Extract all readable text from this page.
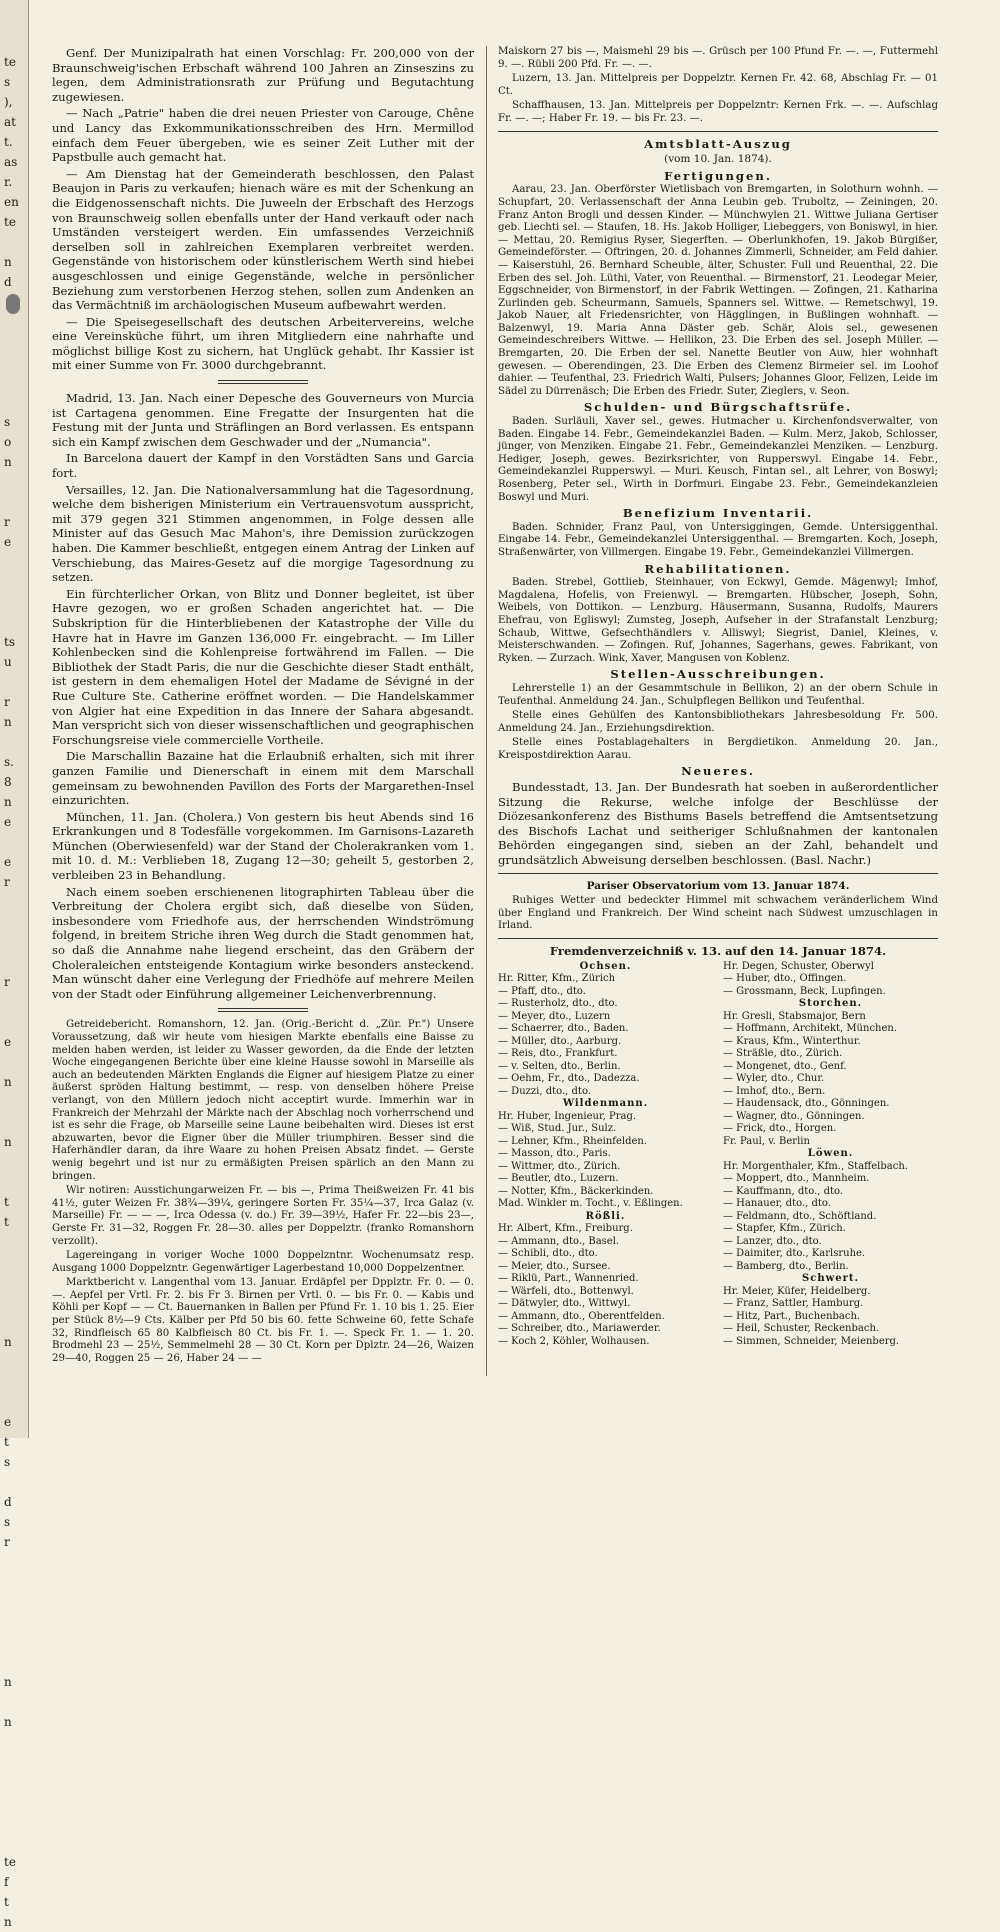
te
s
),
at
t.
as
r.
en
te

n
d

s
o
n

r
e

ts
u

r
n

s.
8
n
e

e
r

r

e

n

n

t
t

n

e
t
s

d
s
r

n

n

te
f
t
n

Genf. Der Munizipalrath hat einen Vorschlag: Fr. 200,000 von der Braunschweig'ischen Erbschaft während 100 Jahren an Zinseszins zu legen, dem Administrationsrath zur Prüfung und Begutachtung zugewiesen.

— Nach „Patrie" haben die drei neuen Priester von Carouge, Chêne und Lancy das Exkommunikationsschreiben des Hrn. Mermillod einfach dem Feuer übergeben, wie es seiner Zeit Luther mit der Papstbulle auch gemacht hat.

— Am Dienstag hat der Gemeinderath beschlossen, den Palast Beaujon in Paris zu verkaufen; hienach wäre es mit der Schenkung an die Eidgenossenschaft nichts. Die Juweeln der Erbschaft des Herzogs von Braunschweig sollen ebenfalls unter der Hand verkauft oder nach Umständen versteigert werden. Ein umfassendes Verzeichniß derselben soll in zahlreichen Exemplaren verbreitet werden. Gegenstände von historischem oder künstlerischem Werth sind hiebei ausgeschlossen und einige Gegenstände, welche in persönlicher Beziehung zum verstorbenen Herzog stehen, sollen zum Andenken an das Vermächtniß im archäologischen Museum aufbewahrt werden.

— Die Speisegesellschaft des deutschen Arbeitervereins, welche eine Vereinsküche führt, um ihren Mitgliedern eine nahrhafte und möglichst billige Kost zu sichern, hat Unglück gehabt. Ihr Kassier ist mit einer Summe von Fr. 3000 durchgebrannt.

Madrid, 13. Jan. Nach einer Depesche des Gouverneurs von Murcia ist Cartagena genommen. Eine Fregatte der Insurgenten hat die Festung mit der Junta und Sträflingen an Bord verlassen. Es entspann sich ein Kampf zwischen dem Geschwader und der „Numancia".

In Barcelona dauert der Kampf in den Vorstädten Sans und Garcia fort.

Versailles, 12. Jan. Die Nationalversammlung hat die Tagesordnung, welche dem bisherigen Ministerium ein Vertrauensvotum ausspricht, mit 379 gegen 321 Stimmen angenommen, in Folge dessen alle Minister auf das Gesuch Mac Mahon's, ihre Demission zurückzogen haben. Die Kammer beschließt, entgegen einem Antrag der Linken auf Verschiebung, das Maires-Gesetz auf die morgige Tagesordnung zu setzen.

Ein fürchterlicher Orkan, von Blitz und Donner begleitet, ist über Havre gezogen, wo er großen Schaden angerichtet hat. — Die Subskription für die Hinterbliebenen der Katastrophe der Ville du Havre hat in Havre im Ganzen 136,000 Fr. eingebracht. — Im Liller Kohlenbecken sind die Kohlenpreise fortwährend im Fallen. — Die Bibliothek der Stadt Paris, die nur die Geschichte dieser Stadt enthält, ist gestern in dem ehemaligen Hotel der Madame de Sévigné in der Rue Culture Ste. Catherine eröffnet worden. — Die Handelskammer von Algier hat eine Expedition in das Innere der Sahara abgesandt. Man verspricht sich von dieser wissenschaftlichen und geographischen Forschungsreise viele commercielle Vortheile.

Die Marschallin Bazaine hat die Erlaubniß erhalten, sich mit ihrer ganzen Familie und Dienerschaft in einem mit dem Marschall gemeinsam zu bewohnenden Pavillon des Forts der Margarethen-Insel einzurichten.

München, 11. Jan. (Cholera.) Von gestern bis heut Abends sind 16 Erkrankungen und 8 Todesfälle vorgekommen. Im Garnisons-Lazareth München (Oberwiesenfeld) war der Stand der Cholerakranken vom 1. mit 10. d. M.: Verblieben 18, Zugang 12—30; geheilt 5, gestorben 2, verbleiben 23 in Behandlung.

Nach einem soeben erschienenen litographirten Tableau über die Verbreitung der Cholera ergibt sich, daß dieselbe von Süden, insbesondere vom Friedhofe aus, der herrschenden Windströmung folgend, in breitem Striche ihren Weg durch die Stadt genommen hat, so daß die Annahme nahe liegend erscheint, das den Gräbern der Choleraleichen entsteigende Kontagium wirke besonders ansteckend. Man wünscht daher eine Verlegung der Friedhöfe auf mehrere Meilen von der Stadt oder Einführung allgemeiner Leichenverbrennung.

Getreidebericht. Romanshorn, 12. Jan. (Orig.-Bericht d. „Zür. Pr.") Unsere Voraussetzung, daß wir heute vom hiesigen Markte ebenfalls eine Baisse zu melden haben werden, ist leider zu Wasser geworden, da die Ende der letzten Woche eingegangenen Berichte über eine kleine Hausse sowohl in Marseille als auch an bedeutenden Märkten Englands die Eigner auf hiesigem Platze zu einer äußerst spröden Haltung bestimmt, — resp. von denselben höhere Preise verlangt, von den Müllern jedoch nicht acceptirt wurde. Immerhin war in Frankreich der Mehrzahl der Märkte nach der Abschlag noch vorherrschend und ist es sehr die Frage, ob Marseille seine Laune beibehalten wird. Dieses ist erst abzuwarten, bevor die Eigner über die Müller triumphiren. Besser sind die Haferhändler daran, da ihre Waare zu hohen Preisen Absatz findet. — Gerste wenig begehrt und ist nur zu ermäßigten Preisen spärlich an den Mann zu bringen.

Wir notiren: Ausstichungarweizen Fr. — bis —, Prima Theißweizen Fr. 41 bis 41½, guter Weizen Fr. 38¾—39¼, geringere Sorten Fr. 35¼—37, Irca Galaz (v. Marseille) Fr. — — —, Irca Odessa (v. do.) Fr. 39—39½, Hafer Fr. 22—bis 23—, Gerste Fr. 31—32, Roggen Fr. 28—30. alles per Doppelztr. (franko Romanshorn verzollt).

Lagereingang in voriger Woche 1000 Doppelzntnr. Wochenumsatz resp. Ausgang 1000 Doppelzntr. Gegenwärtiger Lagerbestand 10,000 Doppelzentner.

Marktbericht v. Langenthal vom 13. Januar. Erdäpfel per Dpplztr. Fr. 0. — 0. —. Aepfel per Vrtl. Fr. 2. bis Fr 3. Birnen per Vrtl. 0. — bis Fr. 0. — Kabis und Köhli per Kopf — — Ct. Bauernanken in Ballen per Pfund Fr. 1. 10 bis 1. 25. Eier per Stück 8½—9 Cts. Kälber per Pfd 50 bis 60. fette Schweine 60, fette Schafe 32, Rindfleisch 65 80 Kalbfleisch 80 Ct. bis Fr. 1. —. Speck Fr. 1. — 1. 20. Brodmehl 23 — 25½, Semmelmehl 28 — 30 Ct. Korn per Dplztr. 24—26, Waizen 29—40, Roggen 25 — 26, Haber 24 — —

Maiskorn 27 bis —, Maismehl 29 bis —. Grüsch per 100 Pfund Fr. —. —, Futtermehl 9. —. Rübli 200 Pfd. Fr. —. —.

Luzern, 13. Jan. Mittelpreis per Doppelztr. Kernen Fr. 42. 68, Abschlag Fr. — 01 Ct.

Schaffhausen, 13. Jan. Mittelpreis per Doppelzntr: Kernen Frk. —. —. Aufschlag Fr. —. —; Haber Fr. 19. — bis Fr. 23. —.

Amtsblatt-Auszug
(vom 10. Jan. 1874).
Fertigungen.

Aarau, 23. Jan. Oberförster Wietlisbach von Bremgarten, in Solothurn wohnh. — Schupfart, 20. Verlassenschaft der Anna Leubin geb. Truboltz, — Zeiningen, 20. Franz Anton Brogli und dessen Kinder. — Münchwylen 21. Wittwe Juliana Gertiser geb. Liechti sel. — Staufen, 18. Hs. Jakob Holliger, Liebeggers, von Boniswyl, in hier. — Mettau, 20. Remigius Ryser, Siegerften. — Oberlunkhofen, 19. Jakob Bürgißer, Gemeindeförster. — Oftringen, 20. d. Johannes Zimmerli, Schneider, am Feld dahier. — Kaiserstuhl, 26. Bernhard Scheuble, älter, Schuster. Full und Reuenthal, 22. Die Erben des sel. Joh. Lüthi, Vater, von Reuenthal. — Birmenstorf, 21. Leodegar Meier, Eggschneider, von Birmenstorf, in der Fabrik Wettingen. — Zofingen, 21. Katharina Zurlinden geb. Scheurmann, Samuels, Spanners sel. Wittwe. — Remetschwyl, 19. Jakob Nauer, alt Friedensrichter, von Hägglingen, in Bußlingen wohnhaft. — Balzenwyl, 19. Maria Anna Däster geb. Schär, Alois sel., gewesenen Gemeindeschreibers Wittwe. — Hellikon, 23. Die Erben des sel. Joseph Müller. — Bremgarten, 20. Die Erben der sel. Nanette Beutler von Auw, hier wohnhaft gewesen. — Oberendingen, 23. Die Erben des Clemenz Birmeier sel. im Loohof dahier. — Teufenthal, 23. Friedrich Walti, Pulsers; Johannes Gloor, Felizen, Leide im Sädel zu Dürrenäsch; Die Erben des Friedr. Suter, Zieglers, v. Seon.

Schulden- und Bürgschaftsrüfe.

Baden. Surläuli, Xaver sel., gewes. Hutmacher u. Kirchenfondsverwalter, von Baden. Eingabe 14. Febr., Gemeindekanzlei Baden. — Kulm. Merz, Jakob, Schlosser, jünger, von Menziken. Eingabe 21. Febr., Gemeindekanzlei Menziken. — Lenzburg. Hediger, Joseph, gewes. Bezirksrichter, von Rupperswyl. Eingabe 14. Febr., Gemeindekanzlei Rupperswyl. — Muri. Keusch, Fintan sel., alt Lehrer, von Boswyl; Rosenberg, Peter sel., Wirth in Dorfmuri. Eingabe 23. Febr., Gemeindekanzleien Boswyl und Muri.

Benefizium Inventarii.

Baden. Schnider, Franz Paul, von Untersiggingen, Gemde. Untersiggenthal. Eingabe 14. Febr., Gemeindekanzlei Untersiggenthal. — Bremgarten. Koch, Joseph, Straßenwärter, von Villmergen. Eingabe 19. Febr., Gemeindekanzlei Villmergen.

Rehabilitationen.

Baden. Strebel, Gottlieb, Steinhauer, von Eckwyl, Gemde. Mägenwyl; Imhof, Magdalena, Hofelis, von Freienwyl. — Bremgarten. Hübscher, Joseph, Sohn, Weibels, von Dottikon. — Lenzburg. Häusermann, Susanna, Rudolfs, Maurers Ehefrau, von Egliswyl; Zumsteg, Joseph, Aufseher in der Strafanstalt Lenzburg; Schaub, Wittwe, Gefsechthändlers v. Alliswyl; Siegrist, Daniel, Kleines, v. Meisterschwanden. — Zofingen. Ruf, Johannes, Sagerhans, gewes. Fabrikant, von Ryken. — Zurzach. Wink, Xaver, Mangusen von Koblenz.

Stellen-Ausschreibungen.

Lehrerstelle 1) an der Gesammtschule in Bellikon, 2) an der obern Schule in Teufenthal. Anmeldung 24. Jan., Schulpflegen Bellikon und Teufenthal.

Stelle eines Gehülfen des Kantonsbibliothekars Jahresbesoldung Fr. 500. Anmeldung 24. Jan., Erziehungsdirektion.

Stelle eines Postablagehalters in Bergdietikon. Anmeldung 20. Jan., Kreispostdirektion Aarau.

Neueres.

Bundesstadt, 13. Jan. Der Bundesrath hat soeben in außerordentlicher Sitzung die Rekurse, welche infolge der Beschlüsse der Diözesankonferenz des Bisthums Basels betreffend die Amtsentsetzung des Bischofs Lachat und seitheriger Schlußnahmen der kantonalen Behörden eingegangen sind, sieben an der Zahl, behandelt und grundsätzlich Abweisung derselben beschlossen. (Basl. Nachr.)

Pariser Observatorium vom 13. Januar 1874.

Ruhiges Wetter und bedeckter Himmel mit schwachem veränderlichem Wind über England und Frankreich. Der Wind scheint nach Südwest umzuschlagen in Irland.

Fremdenverzeichniß v. 13. auf den 14. Januar 1874.
Ochsen.
Hr. Ritter, Kfm., Zürich
— Pfaff, dto., dto.
— Rusterholz, dto., dto.
— Meyer, dto., Luzern
— Schaerrer, dto., Baden.
— Müller, dto., Aarburg.
— Reis, dto., Frankfurt.
— v. Selten, dto., Berlin.
— Oehm, Fr., dto., Dadezza.
— Duzzi, dto., dto.
Wildenmann.
Hr. Huber, Ingenieur, Prag.
— Wiß, Stud. Jur., Sulz.
— Lehner, Kfm., Rheinfelden.
— Masson, dto., Paris.
— Wittmer, dto., Zürich.
— Beutler, dto., Luzern.
— Notter, Kfm., Bäckerkinden.
Mad. Winkler m. Tocht., v. Eßlingen.
Rößli.
Hr. Albert, Kfm., Freiburg.
— Ammann, dto., Basel.
— Schibli, dto., dto.
— Meier, dto., Sursee.
— Riklü, Part., Wannenried.
— Wärfeli, dto., Bottenwyl.
— Dätwyler, dto., Wittwyl.
— Ammann, dto., Oberentfelden.
— Schreiber, dto., Mariawerder.
— Koch 2, Köhler, Wolhausen.
Hr. Degen, Schuster, Oberwyl
— Huber, dto., Offingen.
— Grossmann, Beck, Lupfingen.
Storchen.
Hr. Gresli, Stabsmajor, Bern
— Hoffmann, Architekt, München.
— Kraus, Kfm., Winterthur.
— Sträßle, dto., Zürich.
— Mongenet, dto., Genf.
— Wyler, dto., Chur.
— Imhof, dto., Bern.
— Haudensack, dto., Gönningen.
— Wagner, dto., Gönningen.
— Frick, dto., Horgen.
Fr. Paul, v. Berlin
Löwen.
Hr. Morgenthaler, Kfm., Staffelbach.
— Moppert, dto., Mannheim.
— Kauffmann, dto., dto.
— Hanauer, dto., dto.
— Feldmann, dto., Schöftland.
— Stapfer, Kfm., Zürich.
— Lanzer, dto., dto.
— Daimiter, dto., Karlsruhe.
— Bamberg, dto., Berlin.
Schwert.
Hr. Meier, Küfer, Heidelberg.
— Franz, Sattler, Hamburg.
— Hitz, Part., Buchenbach.
— Heil, Schuster, Reckenbach.
— Simmen, Schneider, Meienberg.
